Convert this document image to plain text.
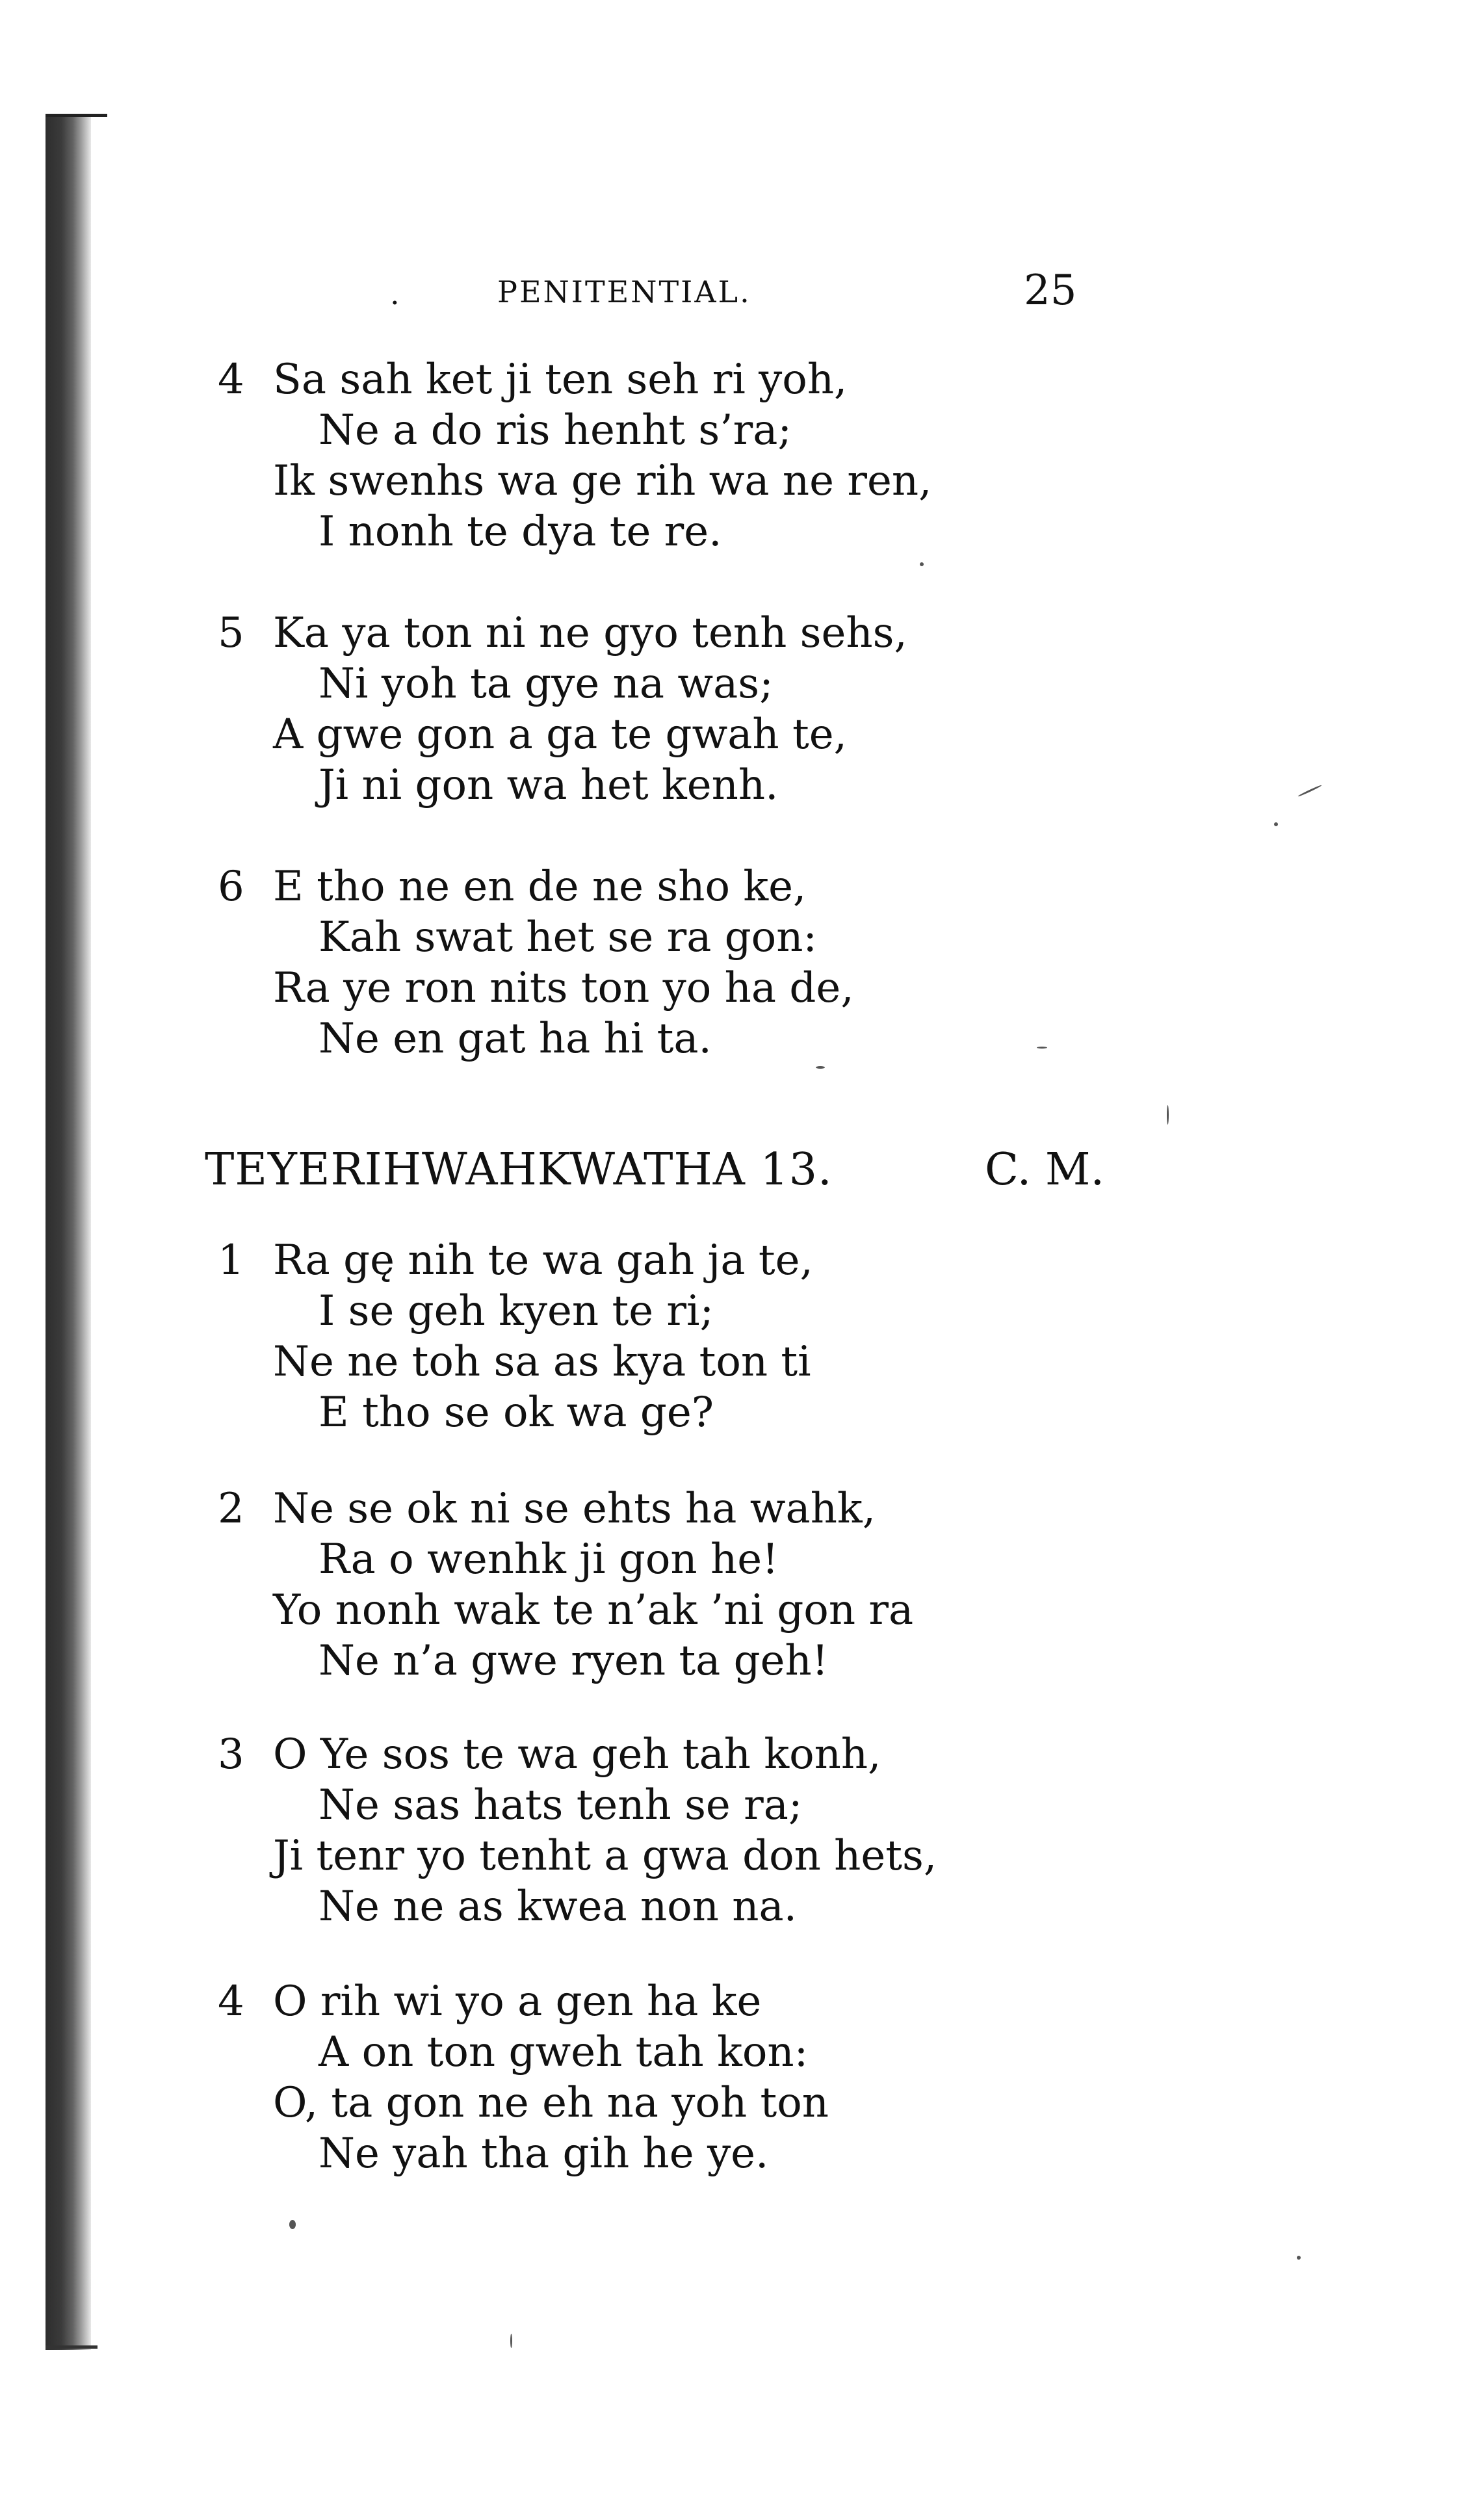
.	PENITENTIAL.	25
4 Sa sah ket ji ten seh ri yoh,
Ne a do ris henht s’ra;
Ik swenhs wa ge rih wa ne ren,
I nonh te dya te re.
5 Ka ya ton ni ne gyo tenh sehs,
Ni yoh ta gye na was;
A gwe gon a ga te gwah te,
Ji ni gon wa het kenh.
6 E tho ne en de ne sho ke,
Kah swat het se ra gon:
Ra ye ron nits ton yo ha de,
Ne en gat ha hi ta.
TEYERIHWAHKWATHA 13.	C. M.
1 Ra gę nih te wa gah ja te,
I se geh kyen te ri;
Ne ne toh sa as kya ton ti
E tho se ok wa ge?
2 Ne se ok ni se ehts ha wahk,
Ra o wenhk ji gon he!
Yo nonh wak te n’ak ’ni gon ra
Ne n’a gwe ryen ta geh!
3 O Ye sos te wa geh tah konh,
Ne sas hats tenh se ra;
Ji tenr yo tenht a gwa don hets,
Ne ne as kwea non na.
4 O rih wi yo a gen ha ke
A on ton gweh tah kon:
O, ta gon ne eh na yoh ton
Ne yah tha gih he ye.
